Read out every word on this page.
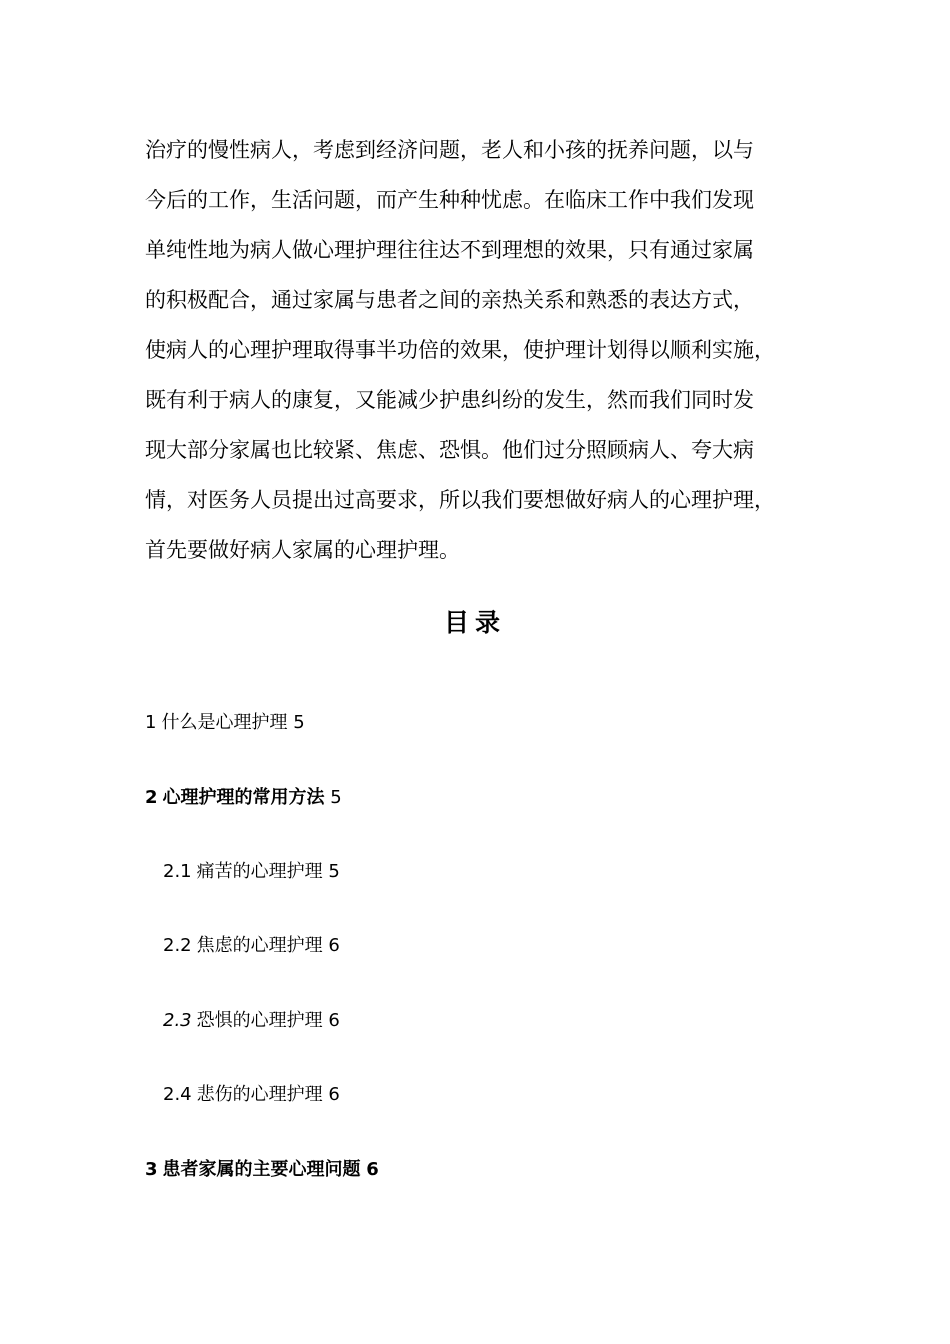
治疗的慢性病人，考虑到经济问题，老人和小孩的抚养问题，以与
今后的工作，生活问题，而产生种种忧虑。在临床工作中我们发现
单纯性地为病人做心理护理往往达不到理想的效果，只有通过家属
的积极配合，通过家属与患者之间的亲热关系和熟悉的表达方式，
使病人的心理护理取得事半功倍的效果，使护理计划得以顺利实施，
既有利于病人的康复，又能减少护患纠纷的发生，然而我们同时发
现大部分家属也比较紧、焦虑、恐惧。他们过分照顾病人、夸大病
情，对医务人员提出过高要求，所以我们要想做好病人的心理护理，
首先要做好病人家属的心理护理。
目录
1 什么是心理护理 5
2 心理护理的常用方法 5
2.1 痛苦的心理护理 5
2.2 焦虑的心理护理 6
2.3 恐惧的心理护理 6
2.4 悲伤的心理护理 6
3 患者家属的主要心理问题 6
